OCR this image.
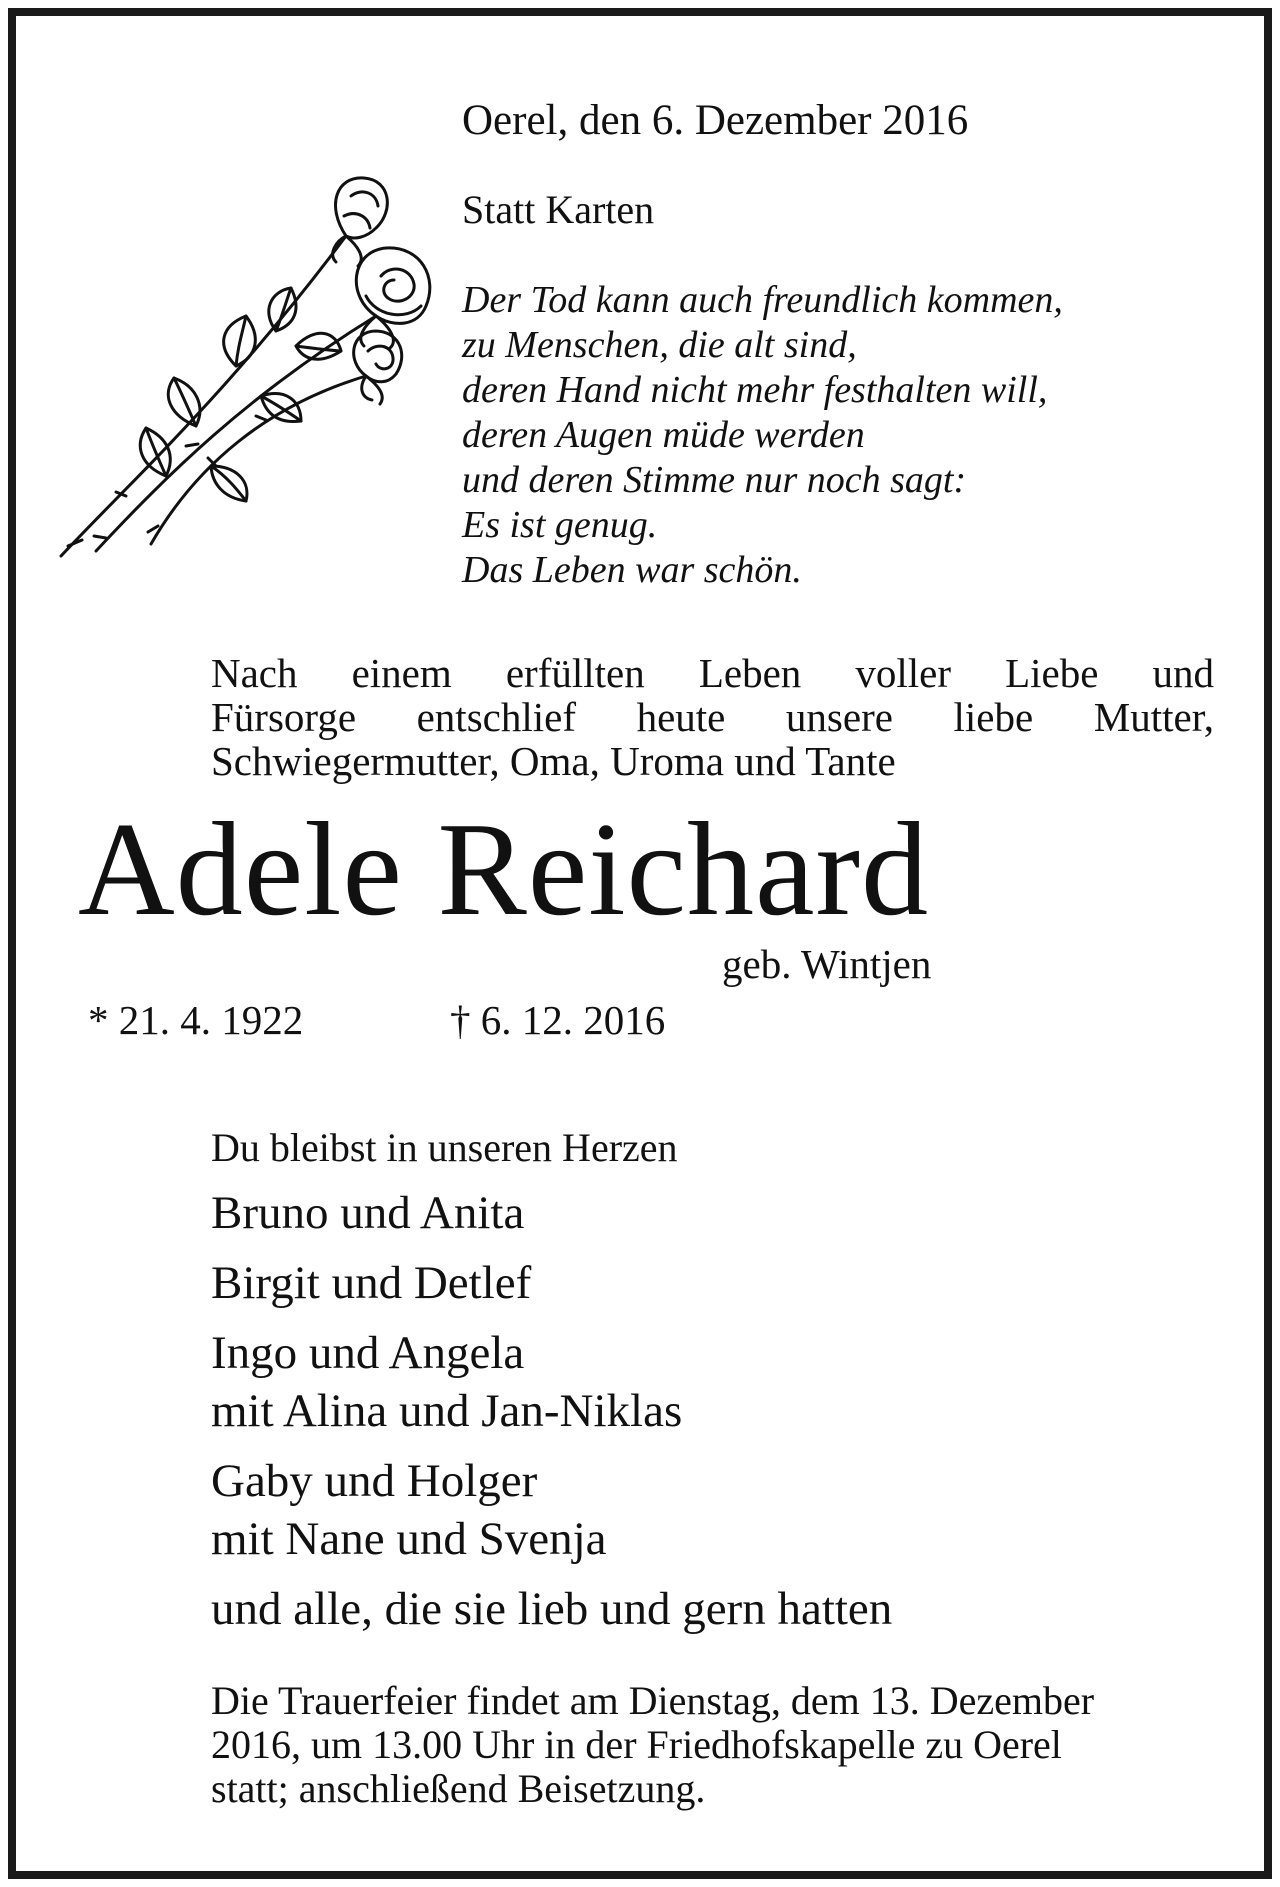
Oerel, den 6. Dezember 2016
Statt Karten
Der Tod kann auch freundlich kommen,
zu Menschen, die alt sind,
deren Hand nicht mehr festhalten will,
deren Augen müde werden
und deren Stimme nur noch sagt:
Es ist genug.
Das Leben war schön.
Nach einem erfüllten Leben voller Liebe und
Fürsorge entschlief heute unsere liebe Mutter,
Schwiegermutter, Oma, Uroma und Tante
Adele Reichard
geb. Wintjen
* 21. 4. 1922	† 6. 12. 2016
Du bleibst in unseren Herzen
Bruno und Anita
Birgit und Detlef
Ingo und Angela
mit Alina und Jan-Niklas
Gaby und Holger
mit Nane und Svenja
und alle, die sie lieb und gern hatten
Die Trauerfeier findet am Dienstag, dem 13. Dezember
2016, um 13.00 Uhr in der Friedhofskapelle zu Oerel
statt; anschließend Beisetzung.
